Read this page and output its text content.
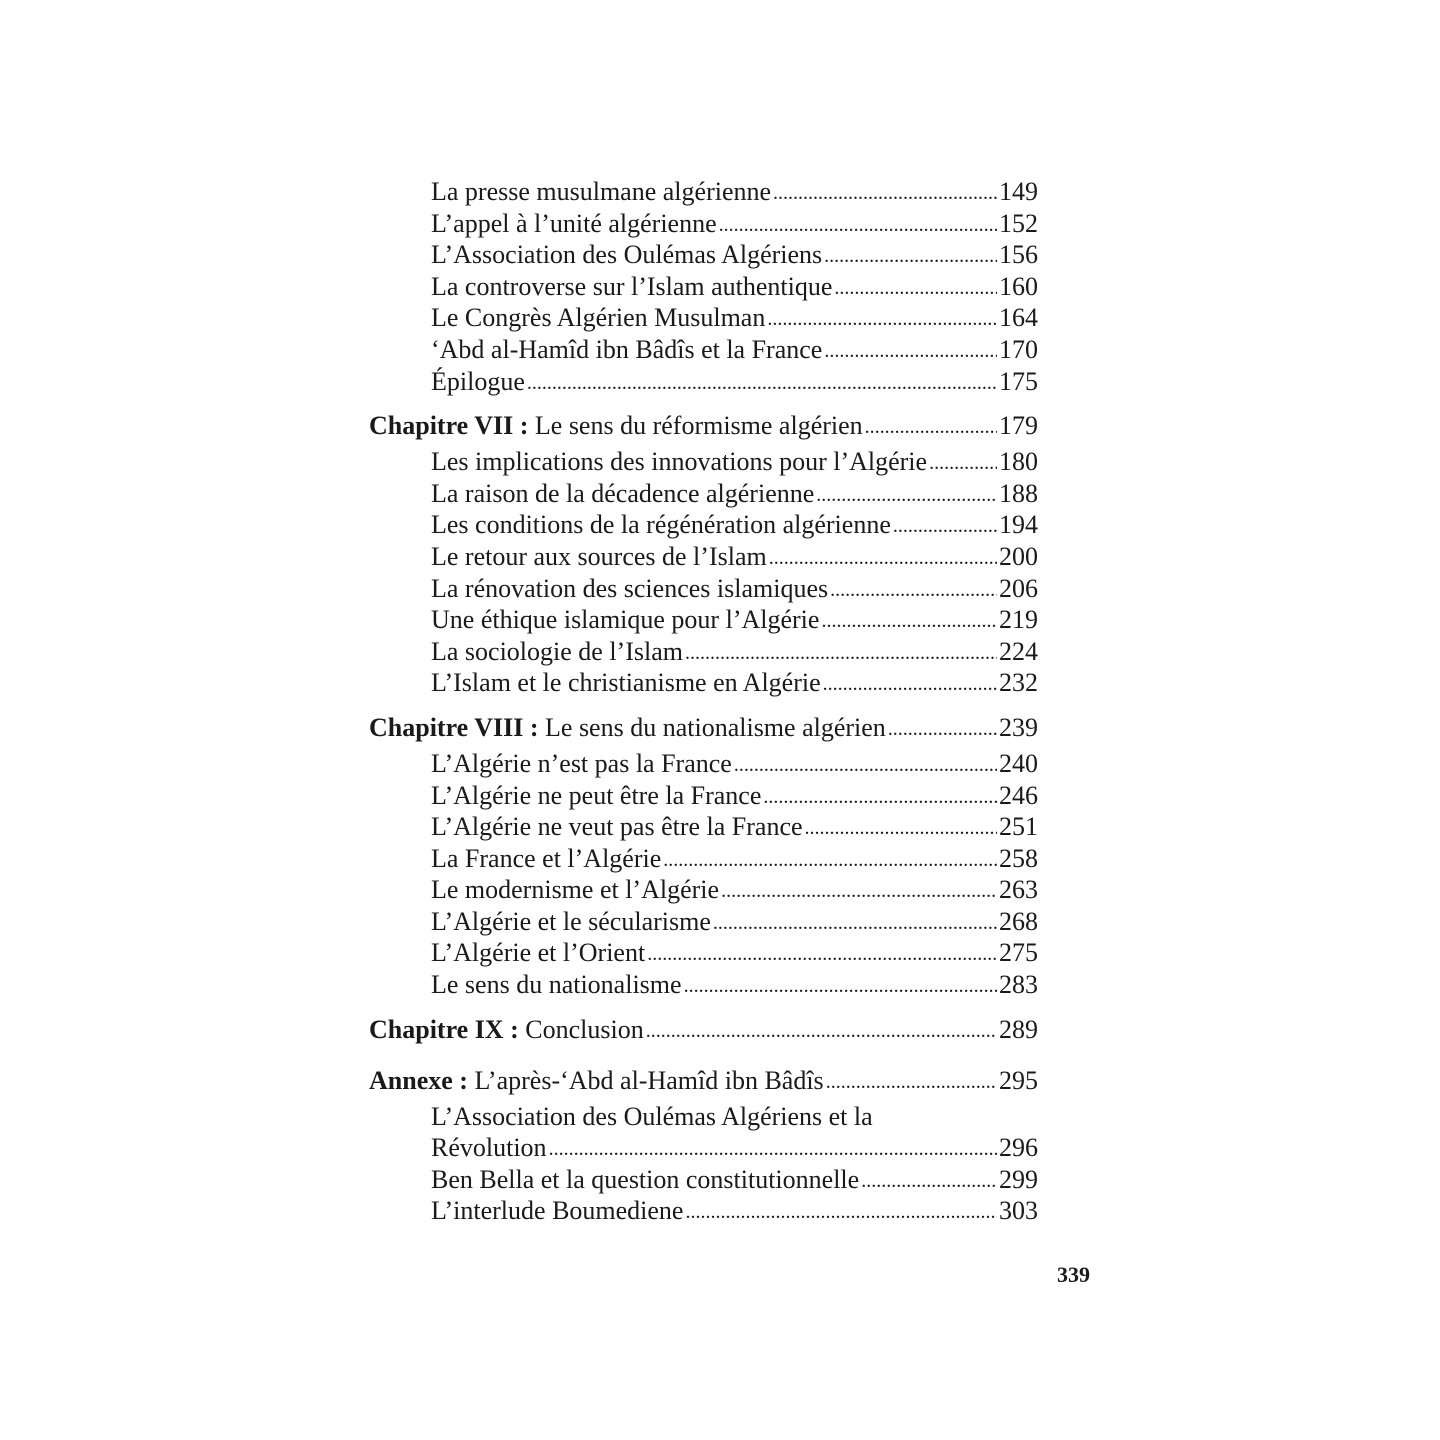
La presse musulmane algérienne .....	149
L’appel à l’unité algérienne .....	152
L’Association des Oulémas Algériens .....	156
La controverse sur l’Islam authentique .....	160
Le Congrès Algérien Musulman .....	164
‘Abd al-Hamîd ibn Bâdîs et la France .....	170
Épilogue .....	175
Chapitre VII : Le sens du réformisme algérien .....	179
Les implications des innovations pour l’Algérie .....	180
La raison de la décadence algérienne .....	188
Les conditions de la régénération algérienne .....	194
Le retour aux sources de l’Islam .....	200
La rénovation des sciences islamiques .....	206
Une éthique islamique pour l’Algérie .....	219
La sociologie de l’Islam .....	224
L’Islam et le christianisme en Algérie .....	232
Chapitre VIII : Le sens du nationalisme algérien .....	239
L’Algérie n’est pas la France .....	240
L’Algérie ne peut être la France .....	246
L’Algérie ne veut pas être la France .....	251
La France et l’Algérie .....	258
Le modernisme et l’Algérie .....	263
L’Algérie et le sécularisme .....	268
L’Algérie et l’Orient .....	275
Le sens du nationalisme .....	283
Chapitre IX : Conclusion .....	289
Annexe : L’après-‘Abd al-Hamîd ibn Bâdîs .....	295
L’Association des Oulémas Algériens et la
Révolution .....	296
Ben Bella et la question constitutionnelle .....	299
L’interlude Boumediene .....	303
339
